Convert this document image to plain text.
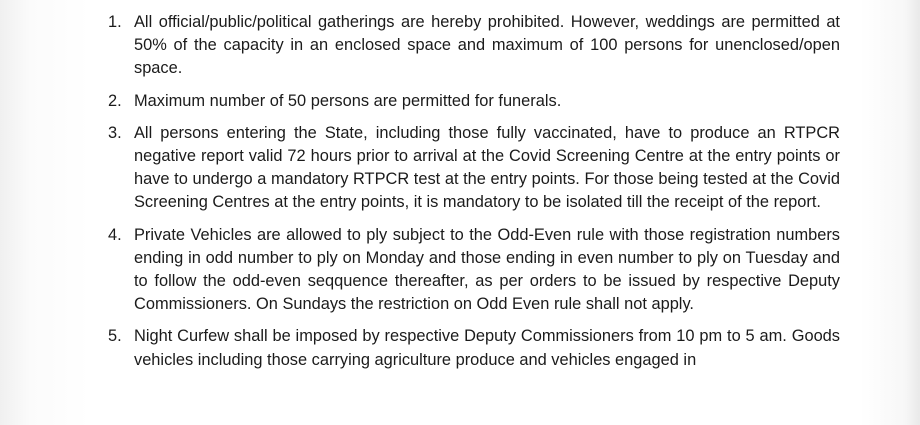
1. All official/public/political gatherings are hereby prohibited. However, weddings are permitted at 50% of the capacity in an enclosed space and maximum of 100 persons for unenclosed/open space.
2. Maximum number of 50 persons are permitted for funerals.
3. All persons entering the State, including those fully vaccinated, have to produce an RTPCR negative report valid 72 hours prior to arrival at the Covid Screening Centre at the entry points or have to undergo a mandatory RTPCR test at the entry points. For those being tested at the Covid Screening Centres at the entry points, it is mandatory to be isolated till the receipt of the report.
4. Private Vehicles are allowed to ply subject to the Odd-Even rule with those registration numbers ending in odd number to ply on Monday and those ending in even number to ply on Tuesday and to follow the odd-even seqquence thereafter, as per orders to be issued by respective Deputy Commissioners. On Sundays the restriction on Odd Even rule shall not apply.
5. Night Curfew shall be imposed by respective Deputy Commissioners from 10 pm to 5 am. Goods vehicles including those carrying agriculture produce and vehicles engaged in
